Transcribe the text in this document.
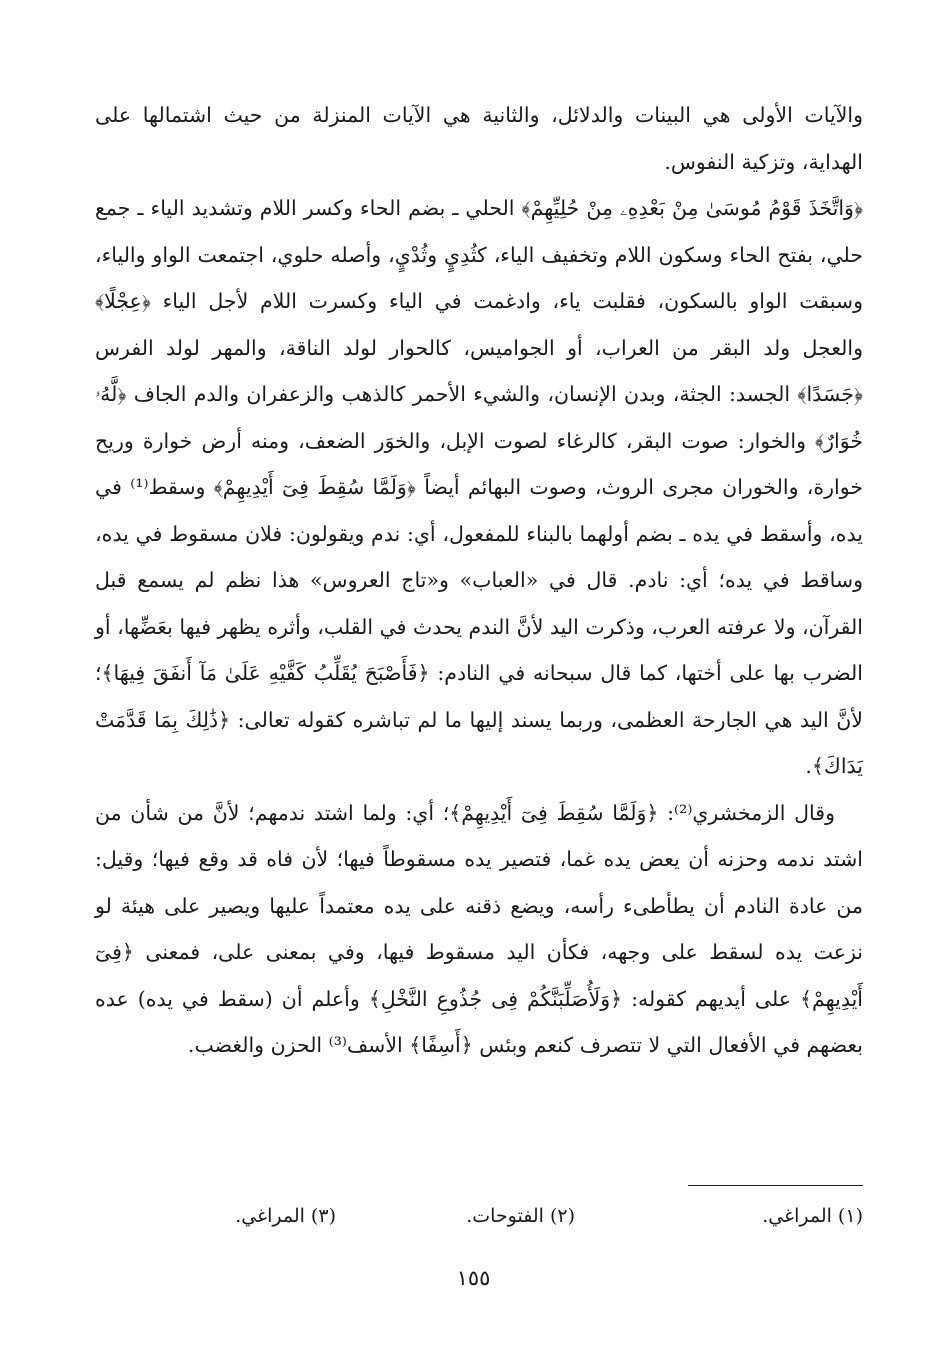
والآيات الأولى هي البينات والدلائل، والثانية هي الآيات المنزلة من حيث اشتمالها على الهداية، وتزكية النفوس.

﴿وَاتَّخَذَ قَوْمُ مُوسَىٰ مِنْ بَعْدِهِۦ مِنْ حُلِيِّهِمْ﴾ الحلي ـ بضم الحاء وكسر اللام وتشديد الياء ـ جمع حلي، بفتح الحاء وسكون اللام وتخفيف الياء، كثُدِيٍ وثُدْيٍ، وأصله حلوي، اجتمعت الواو والياء، وسبقت الواو بالسكون، فقلبت ياء، وادغمت في الياء وكسرت اللام لأجل الياء ﴿عِجْلًا﴾ والعجل ولد البقر من العراب، أو الجواميس، كالحوار لولد الناقة، والمهر لولد الفرس ﴿جَسَدًا﴾ الجسد: الجثة، وبدن الإنسان، والشيء الأحمر كالذهب والزعفران والدم الجاف ﴿لَّهُۥ خُوَارٌ﴾ والخوار: صوت البقر، كالرغاء لصوت الإبل، والخوَر الضعف، ومنه أرض خوارة وريح خوارة، والخوران مجرى الروث، وصوت البهائم أيضاً ﴿وَلَمَّا سُقِطَ فِىٓ أَيْدِيهِمْ﴾ وسقط⁽¹⁾ في يده، وأسقط في يده ـ بضم أولهما بالبناء للمفعول، أي: ندم ويقولون: فلان مسقوط في يده، وساقط في يده؛ أي: نادم. قال في «العباب» و«تاج العروس» هذا نظم لم يسمع قبل القرآن، ولا عرفته العرب، وذكرت اليد لأنَّ الندم يحدث في القلب، وأثره يظهر فيها بعَضِّها، أو الضرب بها على أختها، كما قال سبحانه في النادم: ﴿فَأَصْبَحَ يُقَلِّبُ كَفَّيْهِ عَلَىٰ مَآ أَنفَقَ فِيهَا﴾؛ لأنَّ اليد هي الجارحة العظمى، وربما يسند إليها ما لم تباشره كقوله تعالى: ﴿ذَٰلِكَ بِمَا قَدَّمَتْ يَدَاكَ﴾.

وقال الزمخشري⁽²⁾: ﴿وَلَمَّا سُقِطَ فِىٓ أَيْدِيهِمْ﴾؛ أي: ولما اشتد ندمهم؛ لأنَّ من شأن من اشتد ندمه وحزنه أن يعض يده غما، فتصير يده مسقوطاً فيها؛ لأن فاه قد وقع فيها؛ وقيل: من عادة النادم أن يطأطىء رأسه، ويضع ذقنه على يده معتمداً عليها ويصير على هيئة لو نزعت يده لسقط على وجهه، فكأن اليد مسقوط فيها، وفي بمعنى على، فمعنى ﴿فِىٓ أَيْدِيهِمْ﴾ على أيديهم كقوله: ﴿وَلَأُصَلِّبَنَّكُمْ فِى جُذُوعِ النَّخْلِ﴾ وأعلم أن (سقط في يده) عده بعضهم في الأفعال التي لا تتصرف كنعم وبئس ﴿أَسِفًا﴾ الأسف⁽³⁾ الحزن والغضب.

(١) المراغي.
(٢) الفتوحات.
(٣) المراغي.
١٥٥
